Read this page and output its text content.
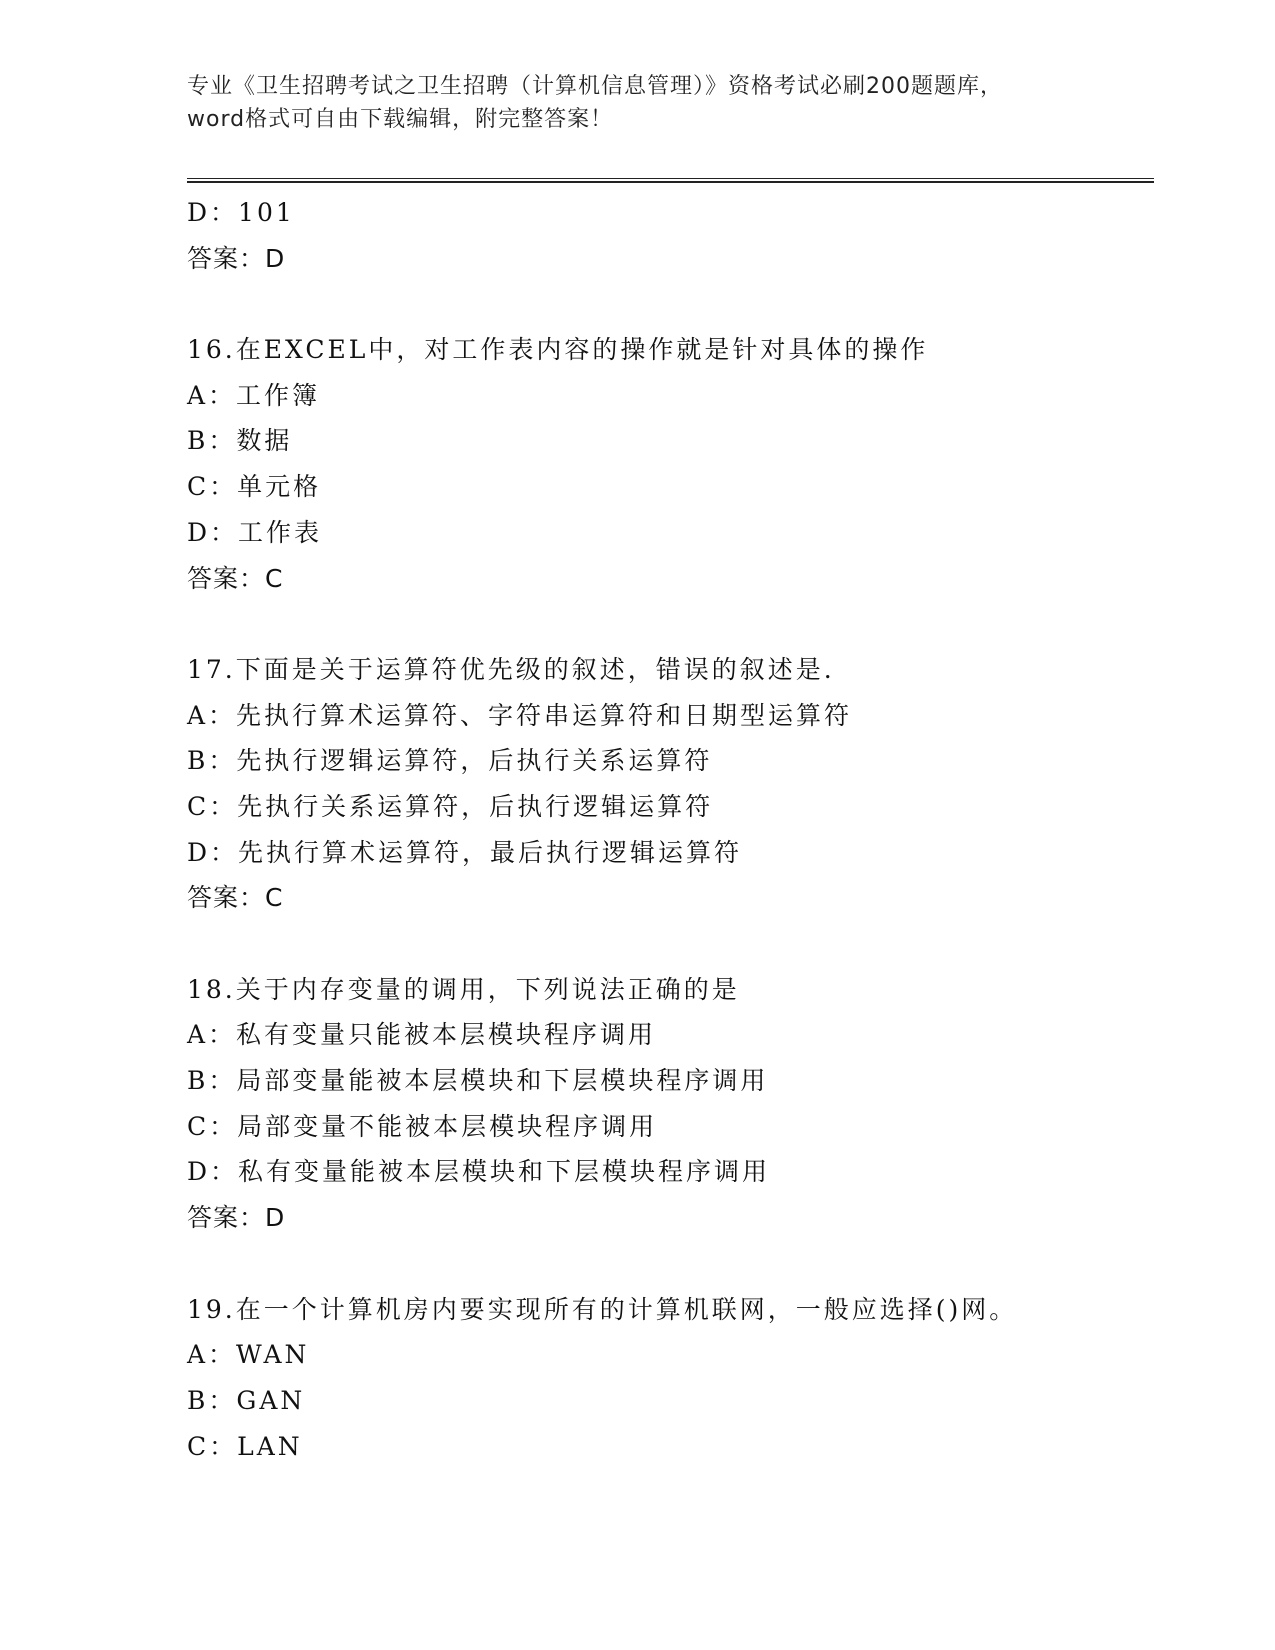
专业《卫生招聘考试之卫生招聘（计算机信息管理）》资格考试必刷200题题库，
word格式可自由下载编辑，附完整答案！
D：101
答案：D
16.在EXCEL中，对工作表内容的操作就是针对具体的操作
A：工作簿
B：数据
C：单元格
D：工作表
答案：C
17.下面是关于运算符优先级的叙述，错误的叙述是.
A：先执行算术运算符、字符串运算符和日期型运算符
B：先执行逻辑运算符，后执行关系运算符
C：先执行关系运算符，后执行逻辑运算符
D：先执行算术运算符，最后执行逻辑运算符
答案：C
18.关于内存变量的调用，下列说法正确的是
A：私有变量只能被本层模块程序调用
B：局部变量能被本层模块和下层模块程序调用
C：局部变量不能被本层模块程序调用
D：私有变量能被本层模块和下层模块程序调用
答案：D
19.在一个计算机房内要实现所有的计算机联网，一般应选择()网。
A：WAN
B：GAN
C：LAN
